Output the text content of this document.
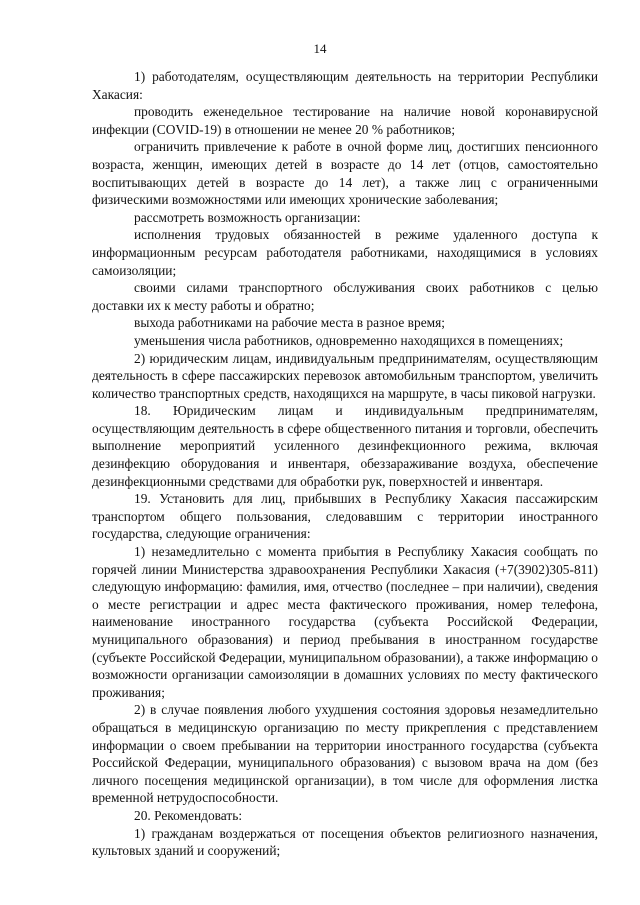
14

1) работодателям, осуществляющим деятельность на территории Республики Хакасия:

проводить еженедельное тестирование на наличие новой коронавирусной инфекции (COVID-19) в отношении не менее 20 % работников;

ограничить привлечение к работе в очной форме лиц, достигших пенсионного возраста, женщин, имеющих детей в возрасте до 14 лет (отцов, самостоятельно воспитывающих детей в возрасте до 14 лет), а также лиц с ограниченными физическими возможностями или имеющих хронические заболевания;

рассмотреть возможность организации:

исполнения трудовых обязанностей в режиме удаленного доступа к информационным ресурсам работодателя работниками, находящимися в условиях самоизоляции;

своими силами транспортного обслуживания своих работников с целью доставки их к месту работы и обратно;

выхода работниками на рабочие места в разное время;

уменьшения числа работников, одновременно находящихся в помещениях;

2) юридическим лицам, индивидуальным предпринимателям, осуществляющим деятельность в сфере пассажирских перевозок автомобильным транспортом, увеличить количество транспортных средств, находящихся на маршруте, в часы пиковой нагрузки.

18. Юридическим лицам и индивидуальным предпринимателям, осуществляющим деятельность в сфере общественного питания и торговли, обеспечить выполнение мероприятий усиленного дезинфекционного режима, включая дезинфекцию оборудования и инвентаря, обеззараживание воздуха, обеспечение дезинфекционными средствами для обработки рук, поверхностей и инвентаря.

19. Установить для лиц, прибывших в Республику Хакасия пассажирским транспортом общего пользования, следовавшим с территории иностранного государства, следующие ограничения:

1) незамедлительно с момента прибытия в Республику Хакасия сообщать по горячей линии Министерства здравоохранения Республики Хакасия (+7(3902)305-811) следующую информацию: фамилия, имя, отчество (последнее – при наличии), сведения о месте регистрации и адрес места фактического проживания, номер телефона, наименование иностранного государства (субъекта Российской Федерации, муниципального образования) и период пребывания в иностранном государстве (субъекте Российской Федерации, муниципальном образовании), а также информацию о возможности организации самоизоляции в домашних условиях по месту фактического проживания;

2) в случае появления любого ухудшения состояния здоровья незамедлительно обращаться в медицинскую организацию по месту прикрепления с представлением информации о своем пребывании на территории иностранного государства (субъекта Российской Федерации, муниципального образования) с вызовом врача на дом (без личного посещения медицинской организации), в том числе для оформления листка временной нетрудоспособности.

20. Рекомендовать:

1) гражданам воздержаться от посещения объектов религиозного назначения, культовых зданий и сооружений;
